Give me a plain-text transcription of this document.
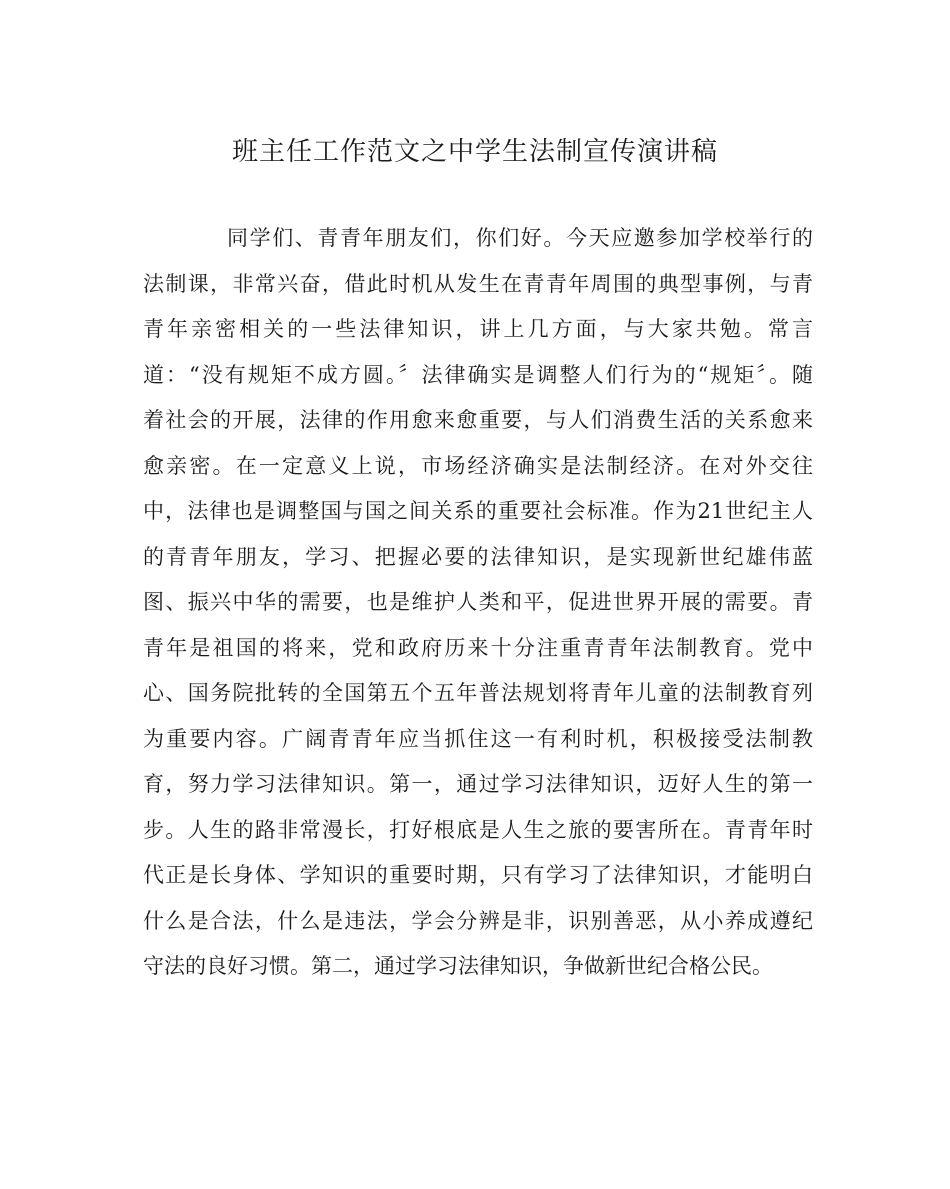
班主任工作范文之中学生法制宣传演讲稿
同学们、青青年朋友们，你们好。今天应邀参加学校举行的
法制课，非常兴奋，借此时机从发生在青青年周围的典型事例，与青
青年亲密相关的一些法律知识，讲上几方面，与大家共勉。常言
道：“没有规矩不成方圆。〞法律确实是调整人们行为的“规矩〞。随
着社会的开展，法律的作用愈来愈重要，与人们消费生活的关系愈来
愈亲密。在一定意义上说，市场经济确实是法制经济。在对外交往
中，法律也是调整国与国之间关系的重要社会标准。作为21世纪主人
的青青年朋友，学习、把握必要的法律知识，是实现新世纪雄伟蓝
图、振兴中华的需要，也是维护人类和平，促进世界开展的需要。青
青年是祖国的将来，党和政府历来十分注重青青年法制教育。党中
心、国务院批转的全国第五个五年普法规划将青年儿童的法制教育列
为重要内容。广阔青青年应当抓住这一有利时机，积极接受法制教
育，努力学习法律知识。第一，通过学习法律知识，迈好人生的第一
步。人生的路非常漫长，打好根底是人生之旅的要害所在。青青年时
代正是长身体、学知识的重要时期，只有学习了法律知识，才能明白
什么是合法，什么是违法，学会分辨是非，识别善恶，从小养成遵纪
守法的良好习惯。第二，通过学习法律知识，争做新世纪合格公民。
